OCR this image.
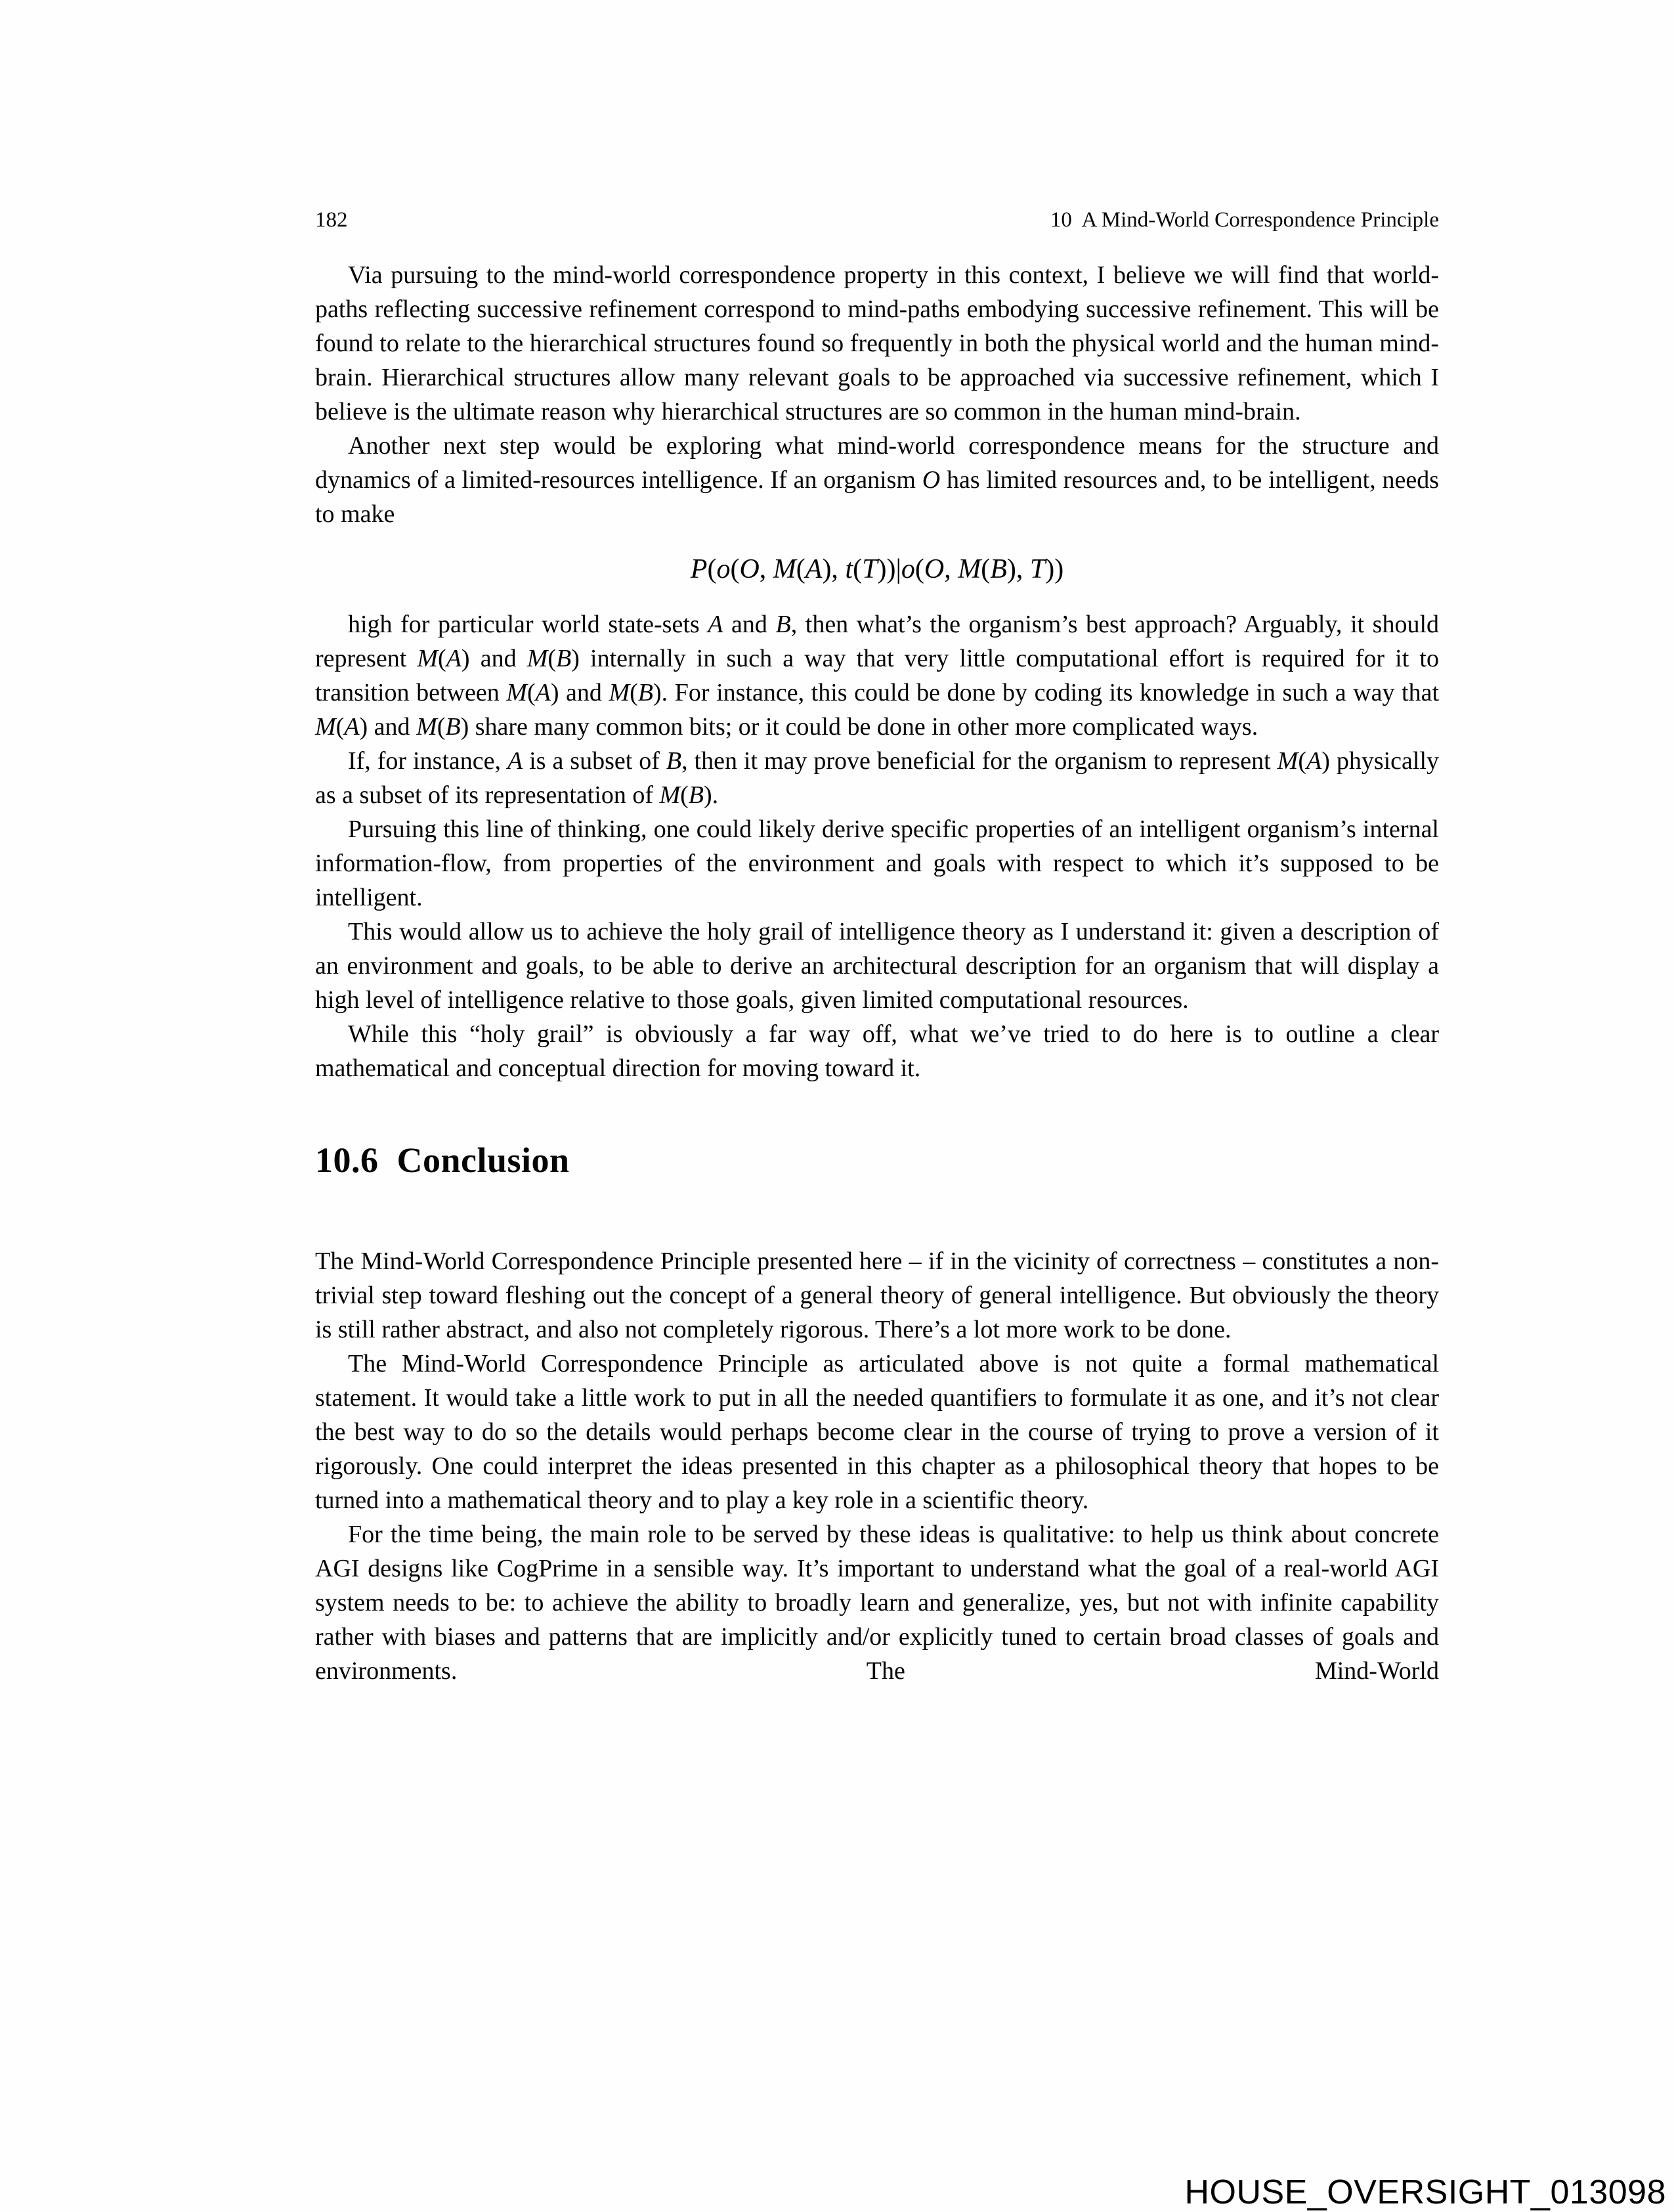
182	10  A Mind-World Correspondence Principle

Via pursuing to the mind-world correspondence property in this context, I believe we will find that world-paths reflecting successive refinement correspond to mind-paths embodying successive refinement. This will be found to relate to the hierarchical structures found so frequently in both the physical world and the human mind-brain. Hierarchical structures allow many relevant goals to be approached via successive refinement, which I believe is the ultimate reason why hierarchical structures are so common in the human mind-brain.

Another next step would be exploring what mind-world correspondence means for the structure and dynamics of a limited-resources intelligence. If an organism O has limited resources and, to be intelligent, needs to make

P(o(O, M(A), t(T))|o(O, M(B), T))

high for particular world state-sets A and B, then what’s the organism’s best approach? Arguably, it should represent M(A) and M(B) internally in such a way that very little computational effort is required for it to transition between M(A) and M(B). For instance, this could be done by coding its knowledge in such a way that M(A) and M(B) share many common bits; or it could be done in other more complicated ways.

If, for instance, A is a subset of B, then it may prove beneficial for the organism to represent M(A) physically as a subset of its representation of M(B).

Pursuing this line of thinking, one could likely derive specific properties of an intelligent organism’s internal information-flow, from properties of the environment and goals with respect to which it’s supposed to be intelligent.

This would allow us to achieve the holy grail of intelligence theory as I understand it: given a description of an environment and goals, to be able to derive an architectural description for an organism that will display a high level of intelligence relative to those goals, given limited computational resources.

While this “holy grail” is obviously a far way off, what we’ve tried to do here is to outline a clear mathematical and conceptual direction for moving toward it.

10.6 Conclusion

The Mind-World Correspondence Principle presented here – if in the vicinity of correctness – constitutes a non-trivial step toward fleshing out the concept of a general theory of general intelligence. But obviously the theory is still rather abstract, and also not completely rigorous. There’s a lot more work to be done.

The Mind-World Correspondence Principle as articulated above is not quite a formal mathematical statement. It would take a little work to put in all the needed quantifiers to formulate it as one, and it’s not clear the best way to do so the details would perhaps become clear in the course of trying to prove a version of it rigorously. One could interpret the ideas presented in this chapter as a philosophical theory that hopes to be turned into a mathematical theory and to play a key role in a scientific theory.

For the time being, the main role to be served by these ideas is qualitative: to help us think about concrete AGI designs like CogPrime in a sensible way. It’s important to understand what the goal of a real-world AGI system needs to be: to achieve the ability to broadly learn and generalize, yes, but not with infinite capability rather with biases and patterns that are implicitly and/or explicitly tuned to certain broad classes of goals and environments. The Mind-World

HOUSE_OVERSIGHT_013098
